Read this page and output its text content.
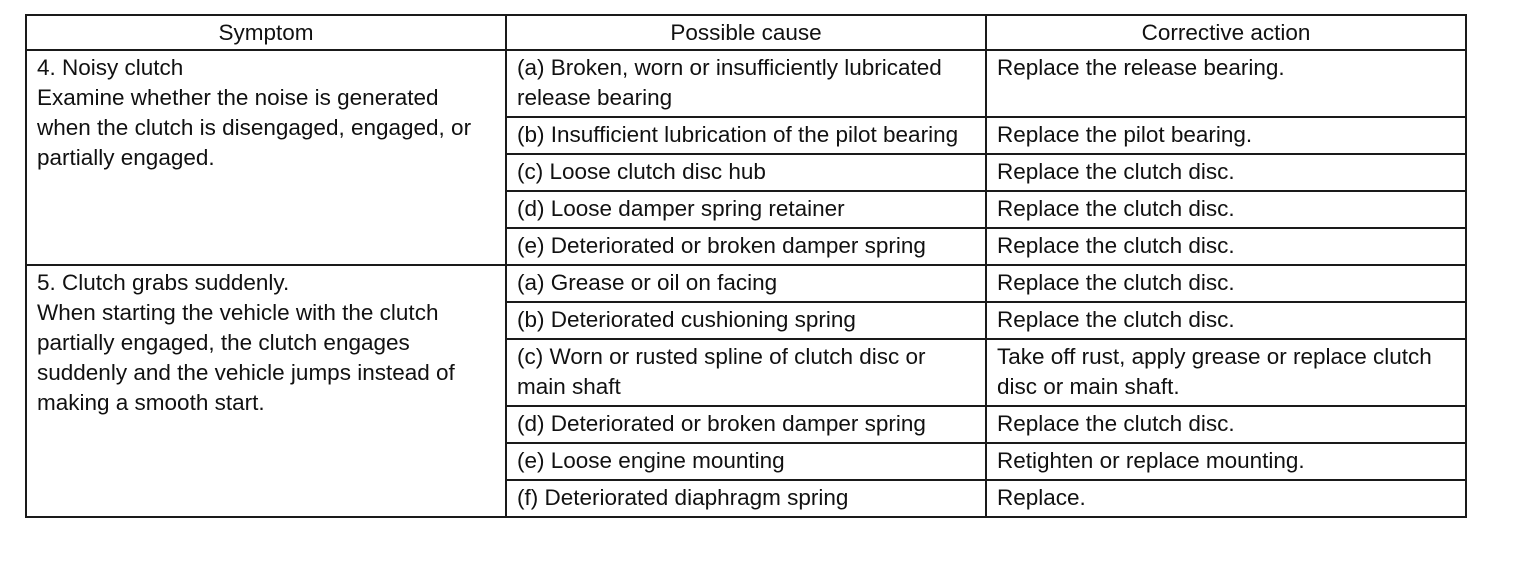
Symptom	Possible cause	Corrective action

4. Noisy clutch
Examine whether the noise is generated when the clutch is disengaged, engaged, or partially engaged.	(a) Broken, worn or insufficiently lubricated release bearing	Replace the release bearing.
	(b) Insufficient lubrication of the pilot bearing	Replace the pilot bearing.
	(c) Loose clutch disc hub	Replace the clutch disc.
	(d) Loose damper spring retainer	Replace the clutch disc.
	(e) Deteriorated or broken damper spring	Replace the clutch disc.

5. Clutch grabs suddenly.
When starting the vehicle with the clutch partially engaged, the clutch engages suddenly and the vehicle jumps instead of making a smooth start.	(a) Grease or oil on facing	Replace the clutch disc.
	(b) Deteriorated cushioning spring	Replace the clutch disc.
	(c) Worn or rusted spline of clutch disc or main shaft	Take off rust, apply grease or replace clutch disc or main shaft.
	(d) Deteriorated or broken damper spring	Replace the clutch disc.
	(e) Loose engine mounting	Retighten or replace mounting.
	(f) Deteriorated diaphragm spring	Replace.
